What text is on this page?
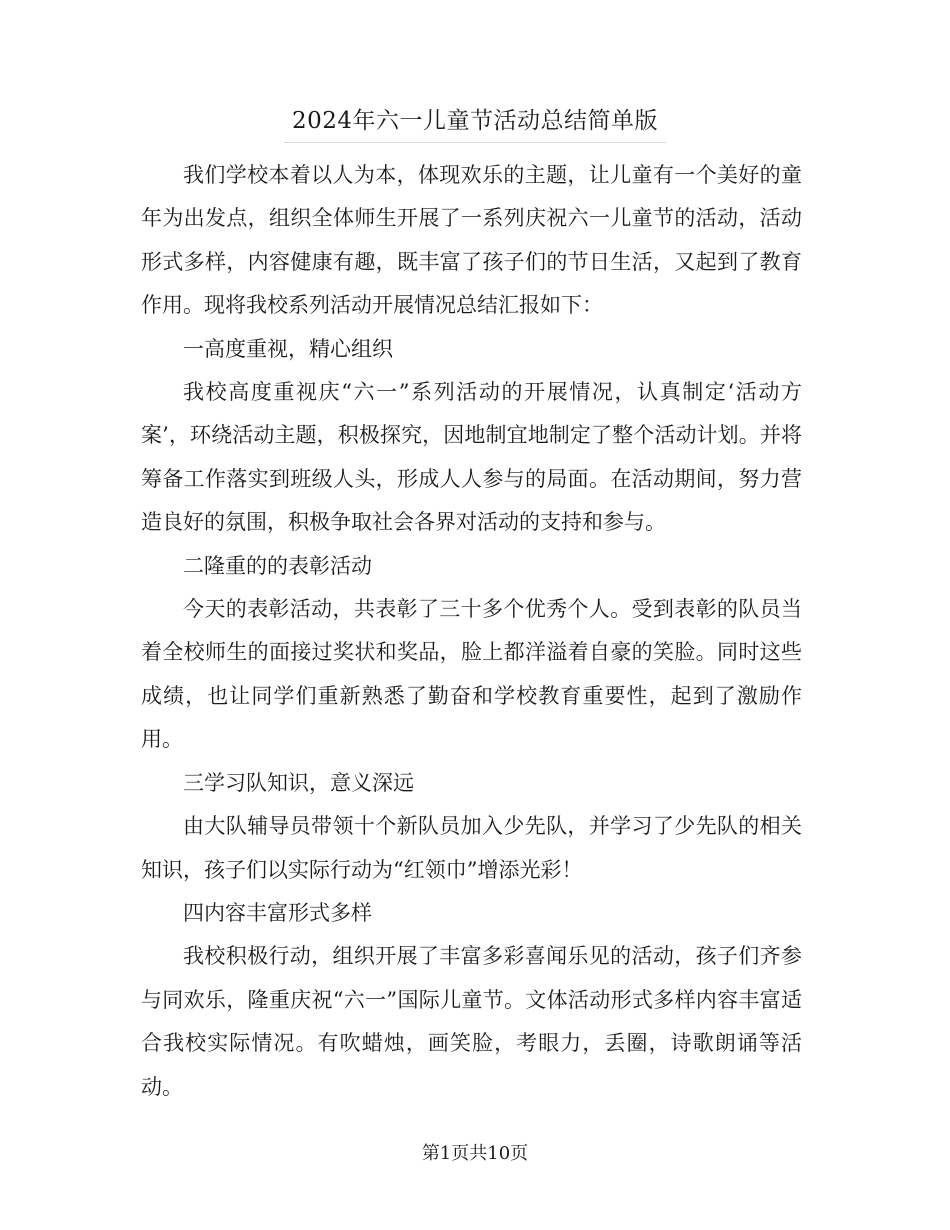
2024年六一儿童节活动总结简单版

我们学校本着以人为本，体现欢乐的主题，让儿童有一个美好的童年为出发点，组织全体师生开展了一系列庆祝六一儿童节的活动，活动形式多样，内容健康有趣，既丰富了孩子们的节日生活，又起到了教育作用。现将我校系列活动开展情况总结汇报如下：

一高度重视，精心组织

我校高度重视庆“六一”系列活动的开展情况，认真制定‘活动方案’，环绕活动主题，积极探究，因地制宜地制定了整个活动计划。并将筹备工作落实到班级人头，形成人人参与的局面。在活动期间，努力营造良好的氛围，积极争取社会各界对活动的支持和参与。

二隆重的的表彰活动

今天的表彰活动，共表彰了三十多个优秀个人。受到表彰的队员当着全校师生的面接过奖状和奖品，脸上都洋溢着自豪的笑脸。同时这些成绩，也让同学们重新熟悉了勤奋和学校教育重要性，起到了激励作用。

三学习队知识，意义深远

由大队辅导员带领十个新队员加入少先队，并学习了少先队的相关知识，孩子们以实际行动为“红领巾”增添光彩！

四内容丰富形式多样

我校积极行动，组织开展了丰富多彩喜闻乐见的活动，孩子们齐参与同欢乐，隆重庆祝“六一”国际儿童节。文体活动形式多样内容丰富适合我校实际情况。有吹蜡烛，画笑脸，考眼力，丢圈，诗歌朗诵等活动。

第1页共10页
